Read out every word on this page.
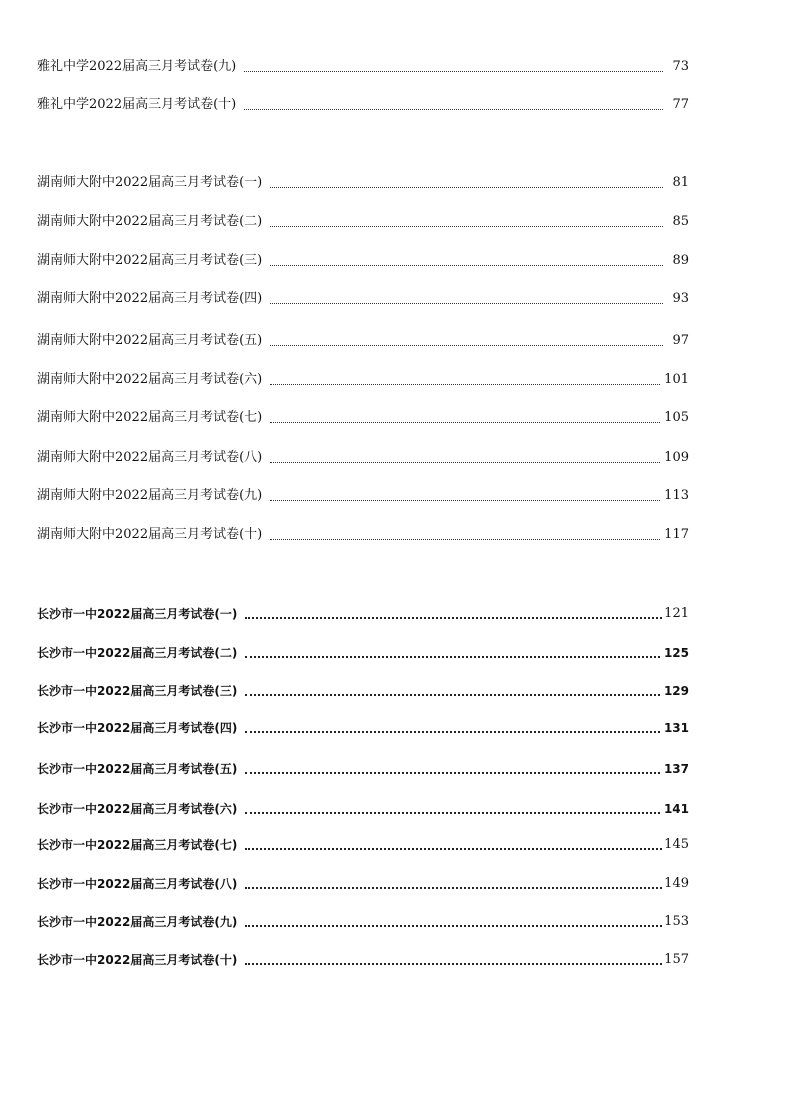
雅礼中学2022届高三月考试卷(九)	73
雅礼中学2022届高三月考试卷(十)	77
湖南师大附中2022届高三月考试卷(一)	81
湖南师大附中2022届高三月考试卷(二)	85
湖南师大附中2022届高三月考试卷(三)	89
湖南师大附中2022届高三月考试卷(四)	93
湖南师大附中2022届高三月考试卷(五)	97
湖南师大附中2022届高三月考试卷(六)	101
湖南师大附中2022届高三月考试卷(七)	105
湖南师大附中2022届高三月考试卷(八)	109
湖南师大附中2022届高三月考试卷(九)	113
湖南师大附中2022届高三月考试卷(十)	117
长沙市一中2022届高三月考试卷(一)	121
长沙市一中2022届高三月考试卷(二)	125
长沙市一中2022届高三月考试卷(三)	129
长沙市一中2022届高三月考试卷(四)	131
长沙市一中2022届高三月考试卷(五)	137
长沙市一中2022届高三月考试卷(六)	141
长沙市一中2022届高三月考试卷(七)	145
长沙市一中2022届高三月考试卷(八)	149
长沙市一中2022届高三月考试卷(九)	153
长沙市一中2022届高三月考试卷(十)	157
